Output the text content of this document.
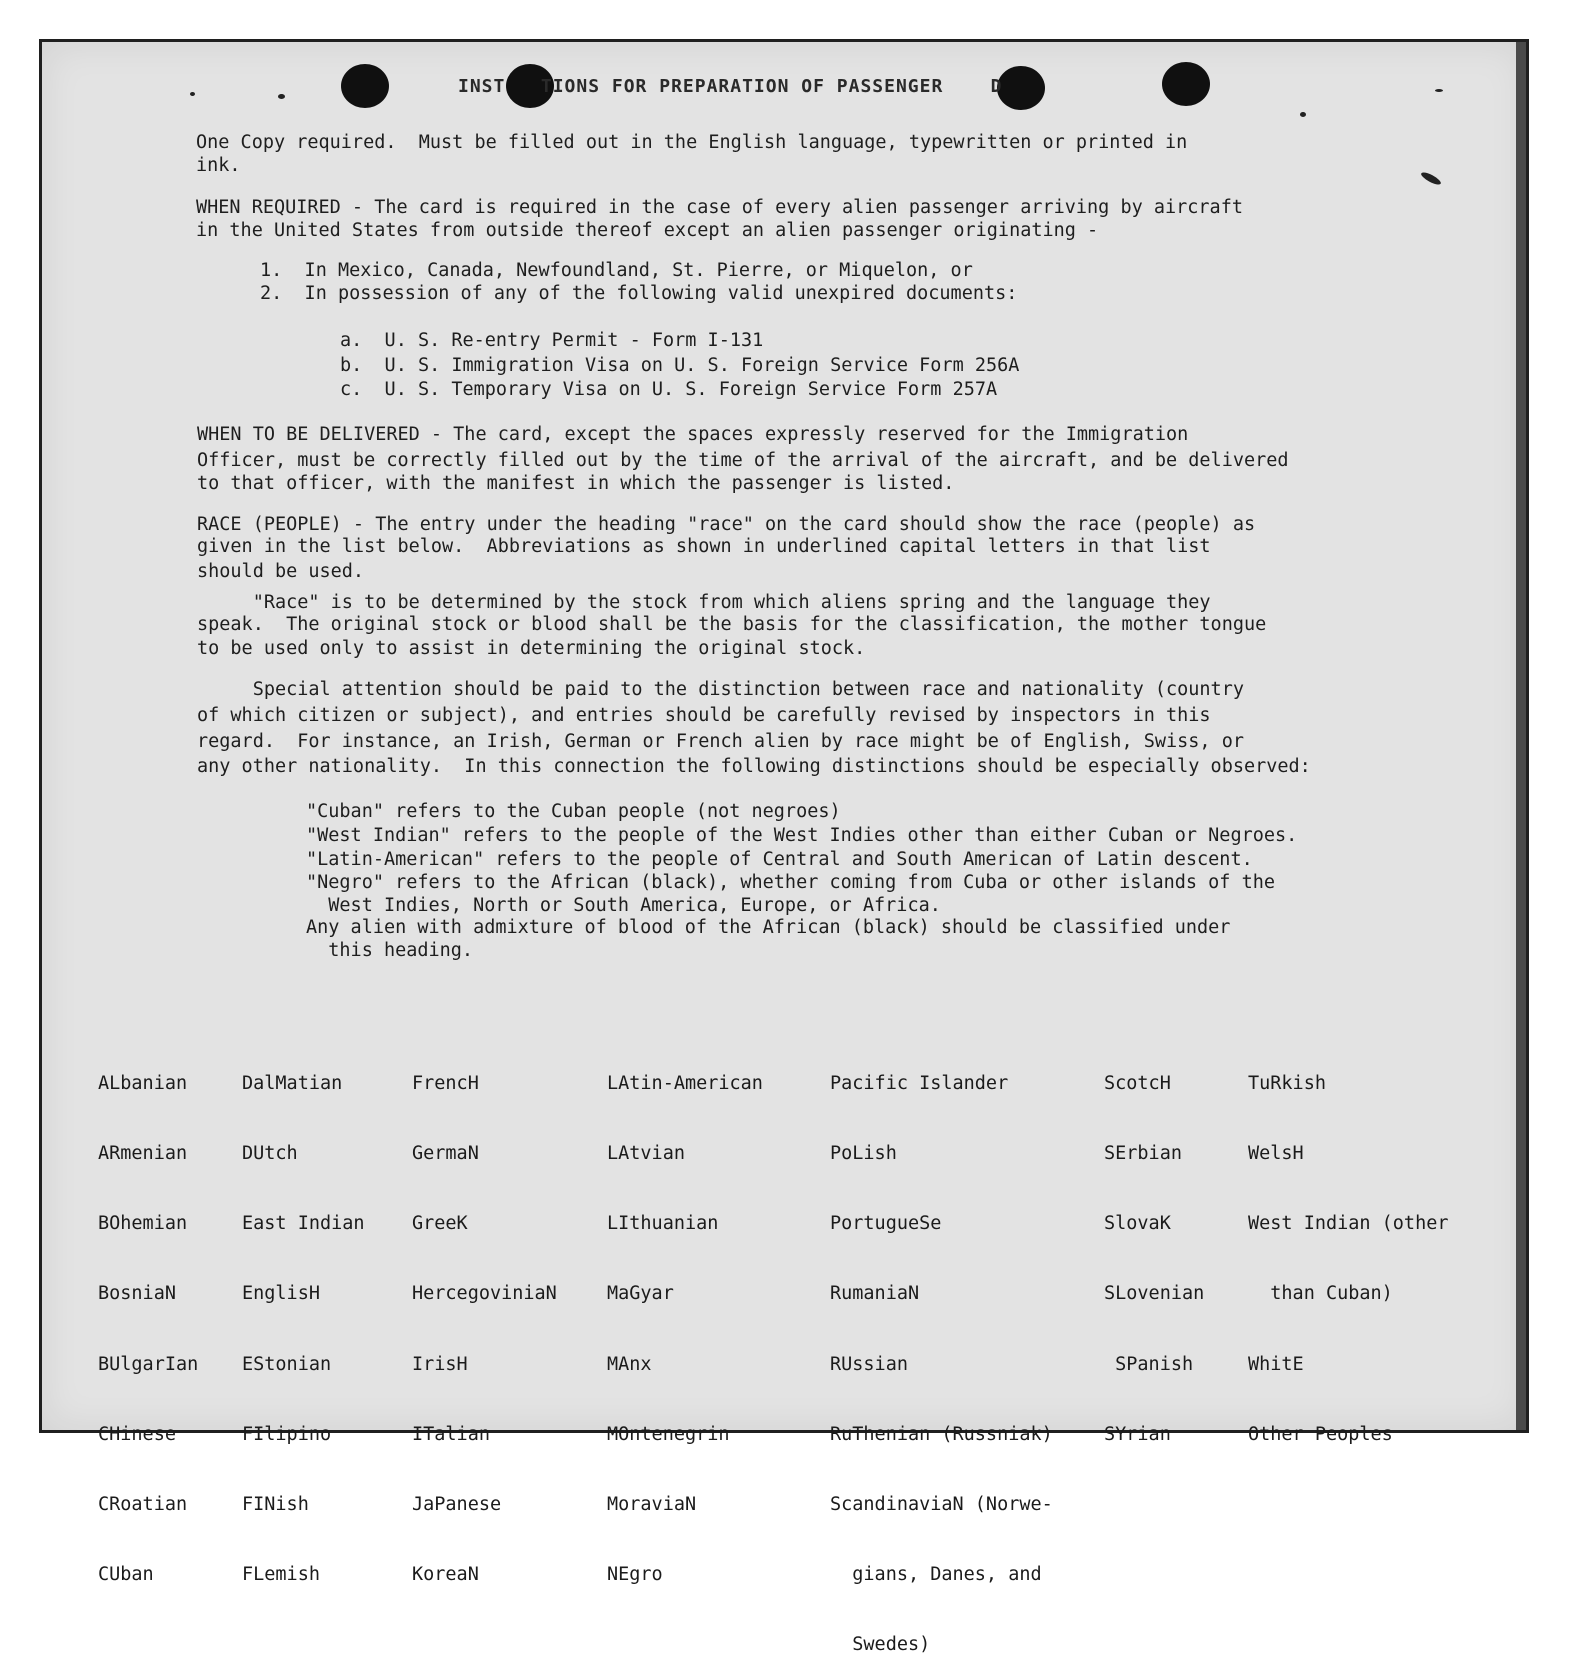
INST   TIONS FOR PREPARATION OF PASSENGER    D
One Copy required.  Must be filled out in the English language, typewritten or printed in
ink.
WHEN REQUIRED - The card is required in the case of every alien passenger arriving by aircraft
in the United States from outside thereof except an alien passenger originating -
1.  In Mexico, Canada, Newfoundland, St. Pierre, or Miquelon, or
2.  In possession of any of the following valid unexpired documents:
a.  U. S. Re-entry Permit - Form I-131
b.  U. S. Immigration Visa on U. S. Foreign Service Form 256A
c.  U. S. Temporary Visa on U. S. Foreign Service Form 257A
WHEN TO BE DELIVERED - The card, except the spaces expressly reserved for the Immigration
Officer, must be correctly filled out by the time of the arrival of the aircraft, and be delivered
to that officer, with the manifest in which the passenger is listed.
RACE (PEOPLE) - The entry under the heading "race" on the card should show the race (people) as
given in the list below.  Abbreviations as shown in underlined capital letters in that list
should be used.
"Race" is to be determined by the stock from which aliens spring and the language they
speak.  The original stock or blood shall be the basis for the classification, the mother tongue
to be used only to assist in determining the original stock.
Special attention should be paid to the distinction between race and nationality (country
of which citizen or subject), and entries should be carefully revised by inspectors in this
regard.  For instance, an Irish, German or French alien by race might be of English, Swiss, or
any other nationality.  In this connection the following distinctions should be especially observed:
"Cuban" refers to the Cuban people (not negroes)
"West Indian" refers to the people of the West Indies other than either Cuban or Negroes.
"Latin-American" refers to the people of Central and South American of Latin descent.
"Negro" refers to the African (black), whether coming from Cuba or other islands of the
West Indies, North or South America, Europe, or Africa.
Any alien with admixture of blood of the African (black) should be classified under
this heading.

ALbanian

ARmenian

BOhemian

BosniaN

BUlgarIan

CHinese

CRoatian

CUban

DalMatian

DUtch

East Indian

EnglisH

EStonian

FIlipino

FINish

FLemish

FrencH

GermaN

GreeK

HercegoviniaN

IrisH

ITalian

JaPanese

KoreaN

LAtin-American

LAtvian

LIthuanian

MaGyar

MAnx

MOntenegrin

MoraviaN

NEgro

Pacific Islander

PoLish

PortugueSe

RumaniaN

RUssian

RuThenian (Russniak)

ScandinaviaN (Norwe-

gians, Danes, and

Swedes)

ScotcH

SErbian

SlovaK

SLovenian

SPanish

SYrian

TuRkish

WelsH

West Indian (other

than Cuban)

WhitE

Other Peoples
